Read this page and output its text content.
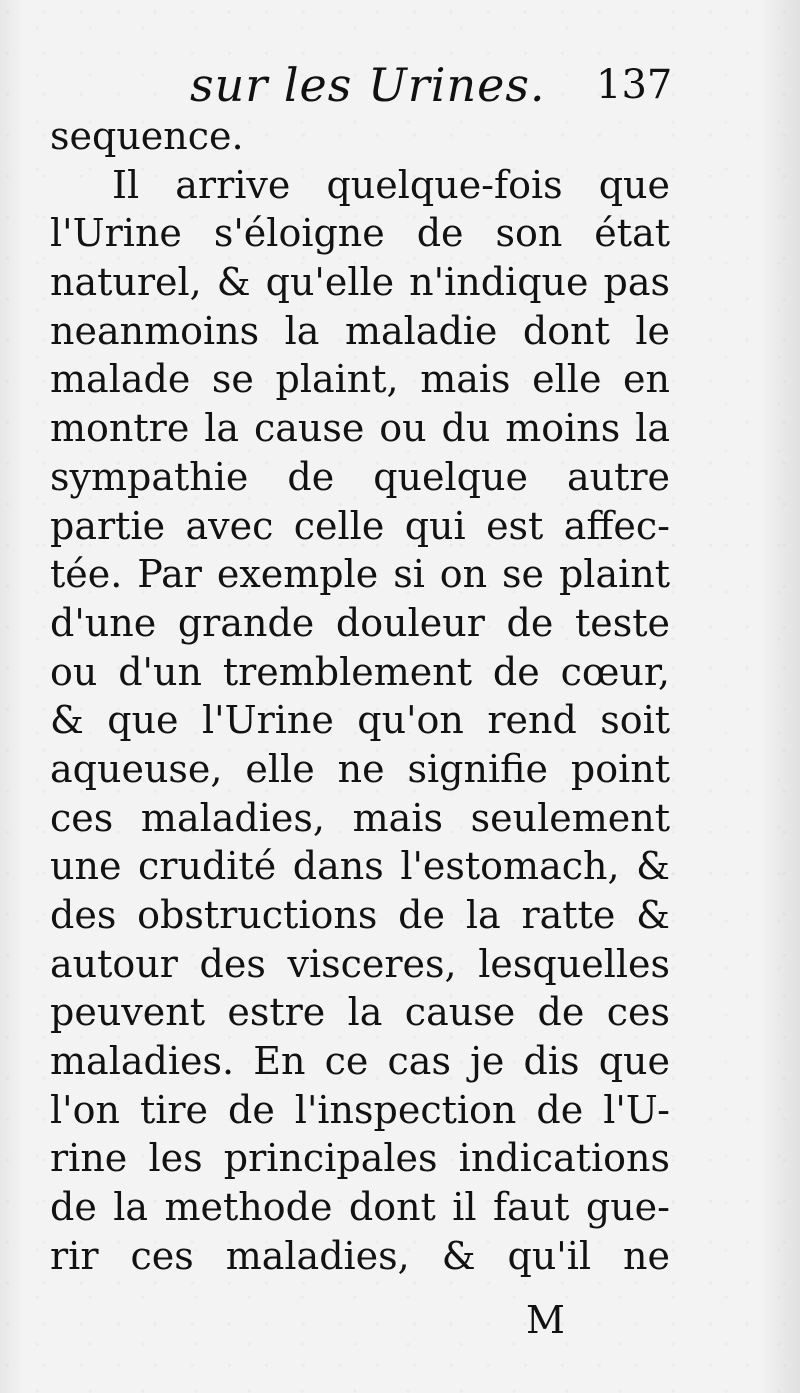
sur les Urines. 137
sequence.
Il arrive quelque-fois que
l'Urine s'éloigne de son état
naturel, & qu'elle n'indique pas
neanmoins la maladie dont le
malade se plaint, mais elle en
montre la cause ou du moins la
sympathie de quelque autre
partie avec celle qui est affec-
tée. Par exemple si on se plaint
d'une grande douleur de teste
ou d'un tremblement de cœur,
& que l'Urine qu'on rend soit
aqueuse, elle ne signifie point
ces maladies, mais seulement
une crudité dans l'estomach, &
des obstructions de la ratte &
autour des visceres, lesquelles
peuvent estre la cause de ces
maladies. En ce cas je dis que
l'on tire de l'inspection de l'U-
rine les principales indications
de la methode dont il faut gue-
rir ces maladies, & qu'il ne
M
